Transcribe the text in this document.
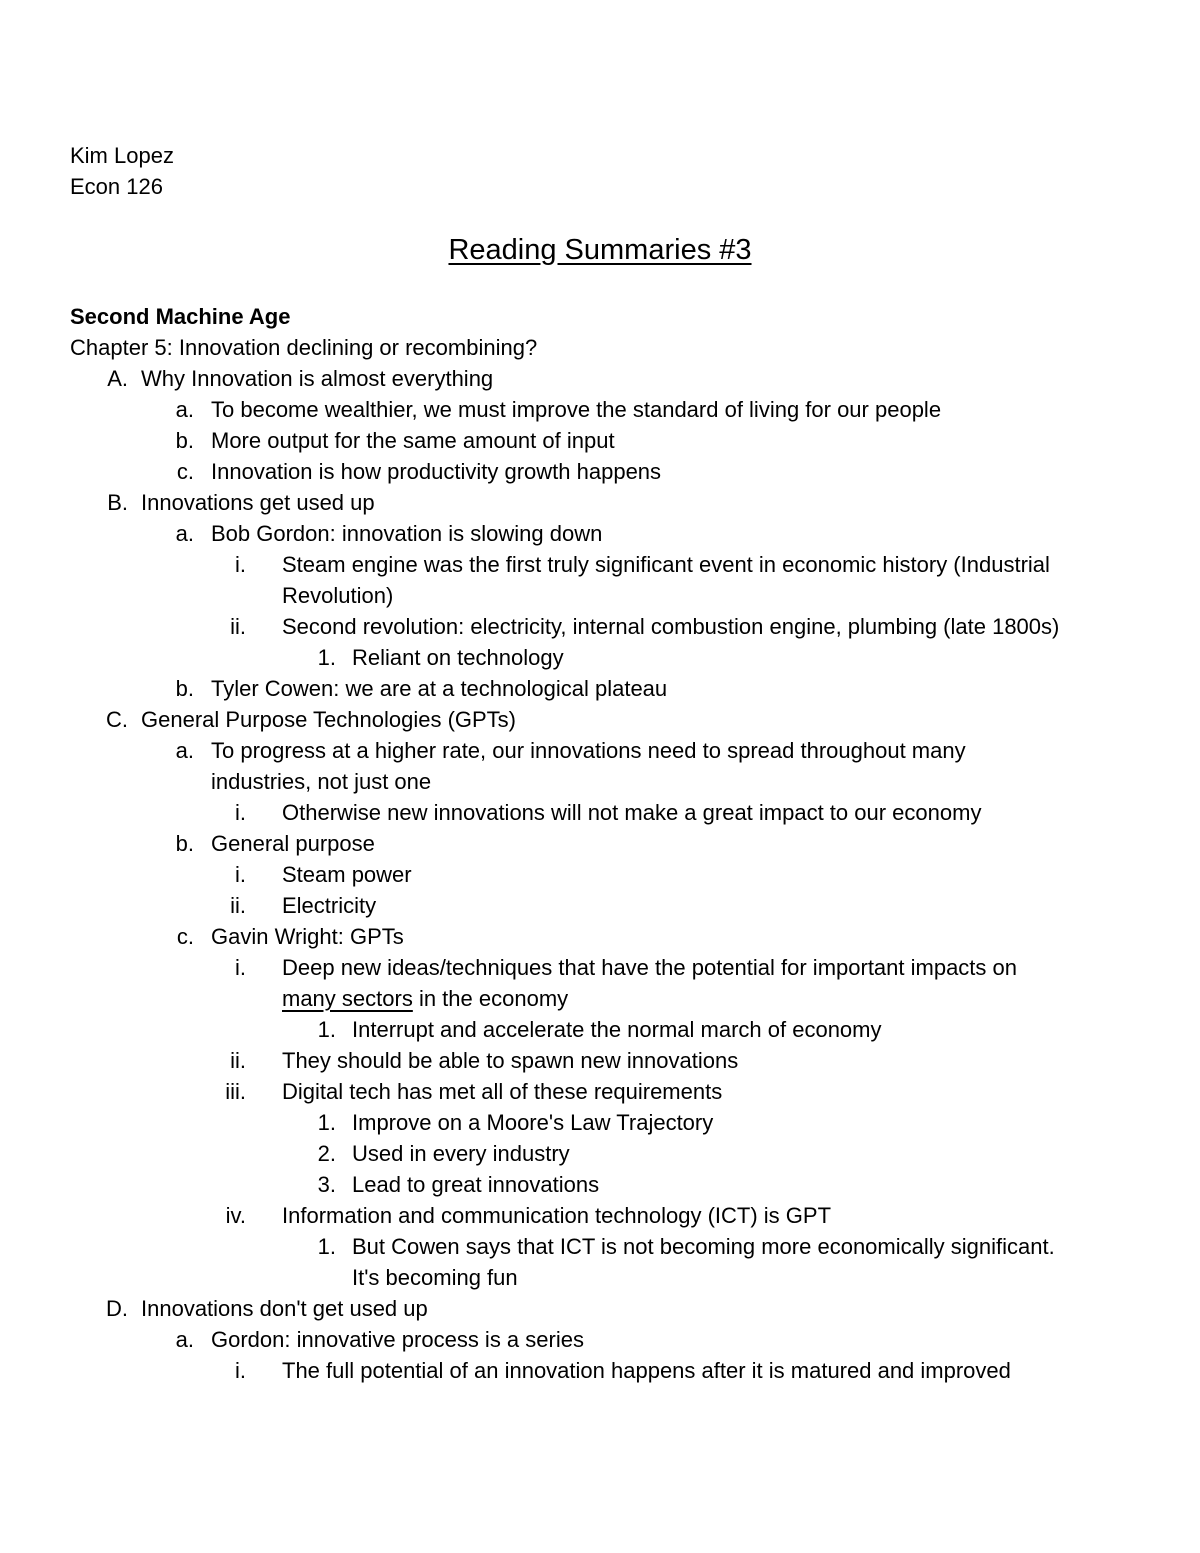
Kim Lopez
Econ 126
Reading Summaries #3
Second Machine Age
Chapter 5: Innovation declining or recombining?
A. Why Innovation is almost everything
a. To become wealthier, we must improve the standard of living for our people
b. More output for the same amount of input
c. Innovation is how productivity growth happens
B. Innovations get used up
a. Bob Gordon: innovation is slowing down
i. Steam engine was the first truly significant event in economic history (Industrial
Revolution)
ii. Second revolution: electricity, internal combustion engine, plumbing (late 1800s)
1. Reliant on technology
b. Tyler Cowen: we are at a technological plateau
C. General Purpose Technologies (GPTs)
a. To progress at a higher rate, our innovations need to spread throughout many
industries, not just one
i. Otherwise new innovations will not make a great impact to our economy
b. General purpose
i. Steam power
ii. Electricity
c. Gavin Wright: GPTs
i. Deep new ideas/techniques that have the potential for important impacts on
many sectors in the economy
1. Interrupt and accelerate the normal march of economy
ii. They should be able to spawn new innovations
iii. Digital tech has met all of these requirements
1. Improve on a Moore's Law Trajectory
2. Used in every industry
3. Lead to great innovations
iv. Information and communication technology (ICT) is GPT
1. But Cowen says that ICT is not becoming more economically significant.
It's becoming fun
D. Innovations don't get used up
a. Gordon: innovative process is a series
i. The full potential of an innovation happens after it is matured and improved
